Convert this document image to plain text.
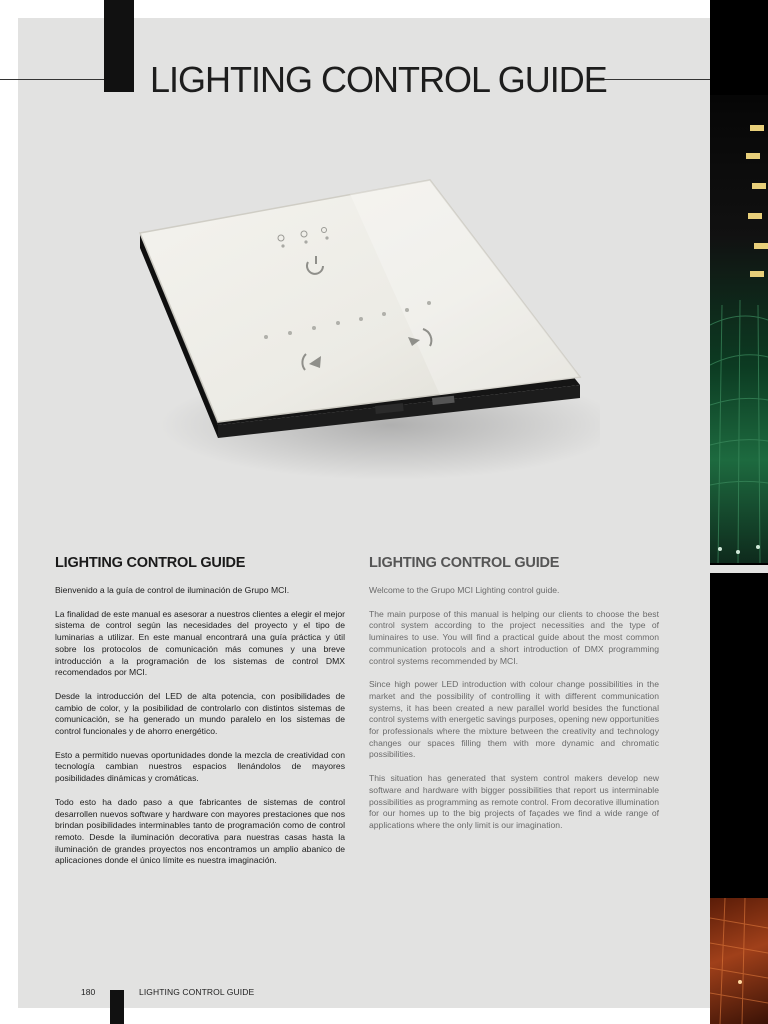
LIGHTING CONTROL GUIDE
LIGHTING CONTROL GUIDE

Bienvenido a la guía de control de iluminación de Grupo MCI.

La finalidad de este manual es asesorar a nuestros clientes a elegir el mejor sistema de control según las necesidades del proyecto y el tipo de luminarias a utilizar. En este manual encontrará una guía práctica y útil sobre los protocolos de comunicación más comunes y una breve introducción a la programación de los sistemas de control DMX recomendados por MCI.

Desde la introducción del LED de alta potencia, con posibilidades de cambio de color, y la posibilidad de controlarlo con distintos sistemas de comunicación, se ha generado un mundo paralelo en los sistemas de control funcionales y de ahorro energético.

Esto a permitido nuevas oportunidades donde la mezcla de creatividad con tecnología cambian nuestros espacios llenándolos de mayores posibilidades dinámicas y cromáticas.

Todo esto ha dado paso a que fabricantes de sistemas de control desarrollen nuevos software y hardware con mayores prestaciones que nos brindan posibilidades interminables tanto de programación como de control remoto. Desde la iluminación decorativa para nuestras casas hasta la iluminación de grandes proyectos nos encontramos un amplio abanico de aplicaciones donde el único límite es nuestra imaginación.

LIGHTING CONTROL GUIDE

Welcome to the Grupo MCI Lighting control guide.

The main purpose of this manual is helping our clients to choose the best control system according to the project necessities and the type of luminaires to use. You will find a practical guide about the most common communication protocols and a short introduction of DMX programming control systems recommended by MCI.

Since high power LED introduction with colour change possibilities in the market and the possibility of controlling it with different communication systems, it has been created a new parallel world besides the functional control systems with energetic savings purposes, opening new opportunities for professionals where the mixture between the creativity and technology changes our spaces filling them with more dynamic and chromatic possibilities.

This situation has generated that system control makers develop new software and hardware with bigger possibilities that report us interminable possibilities as programming as remote control. From decorative illumination for our homes up to the big projects of façades we find a wide range of applications where the only limit is our imagination.

180	LIGHTING CONTROL GUIDE
